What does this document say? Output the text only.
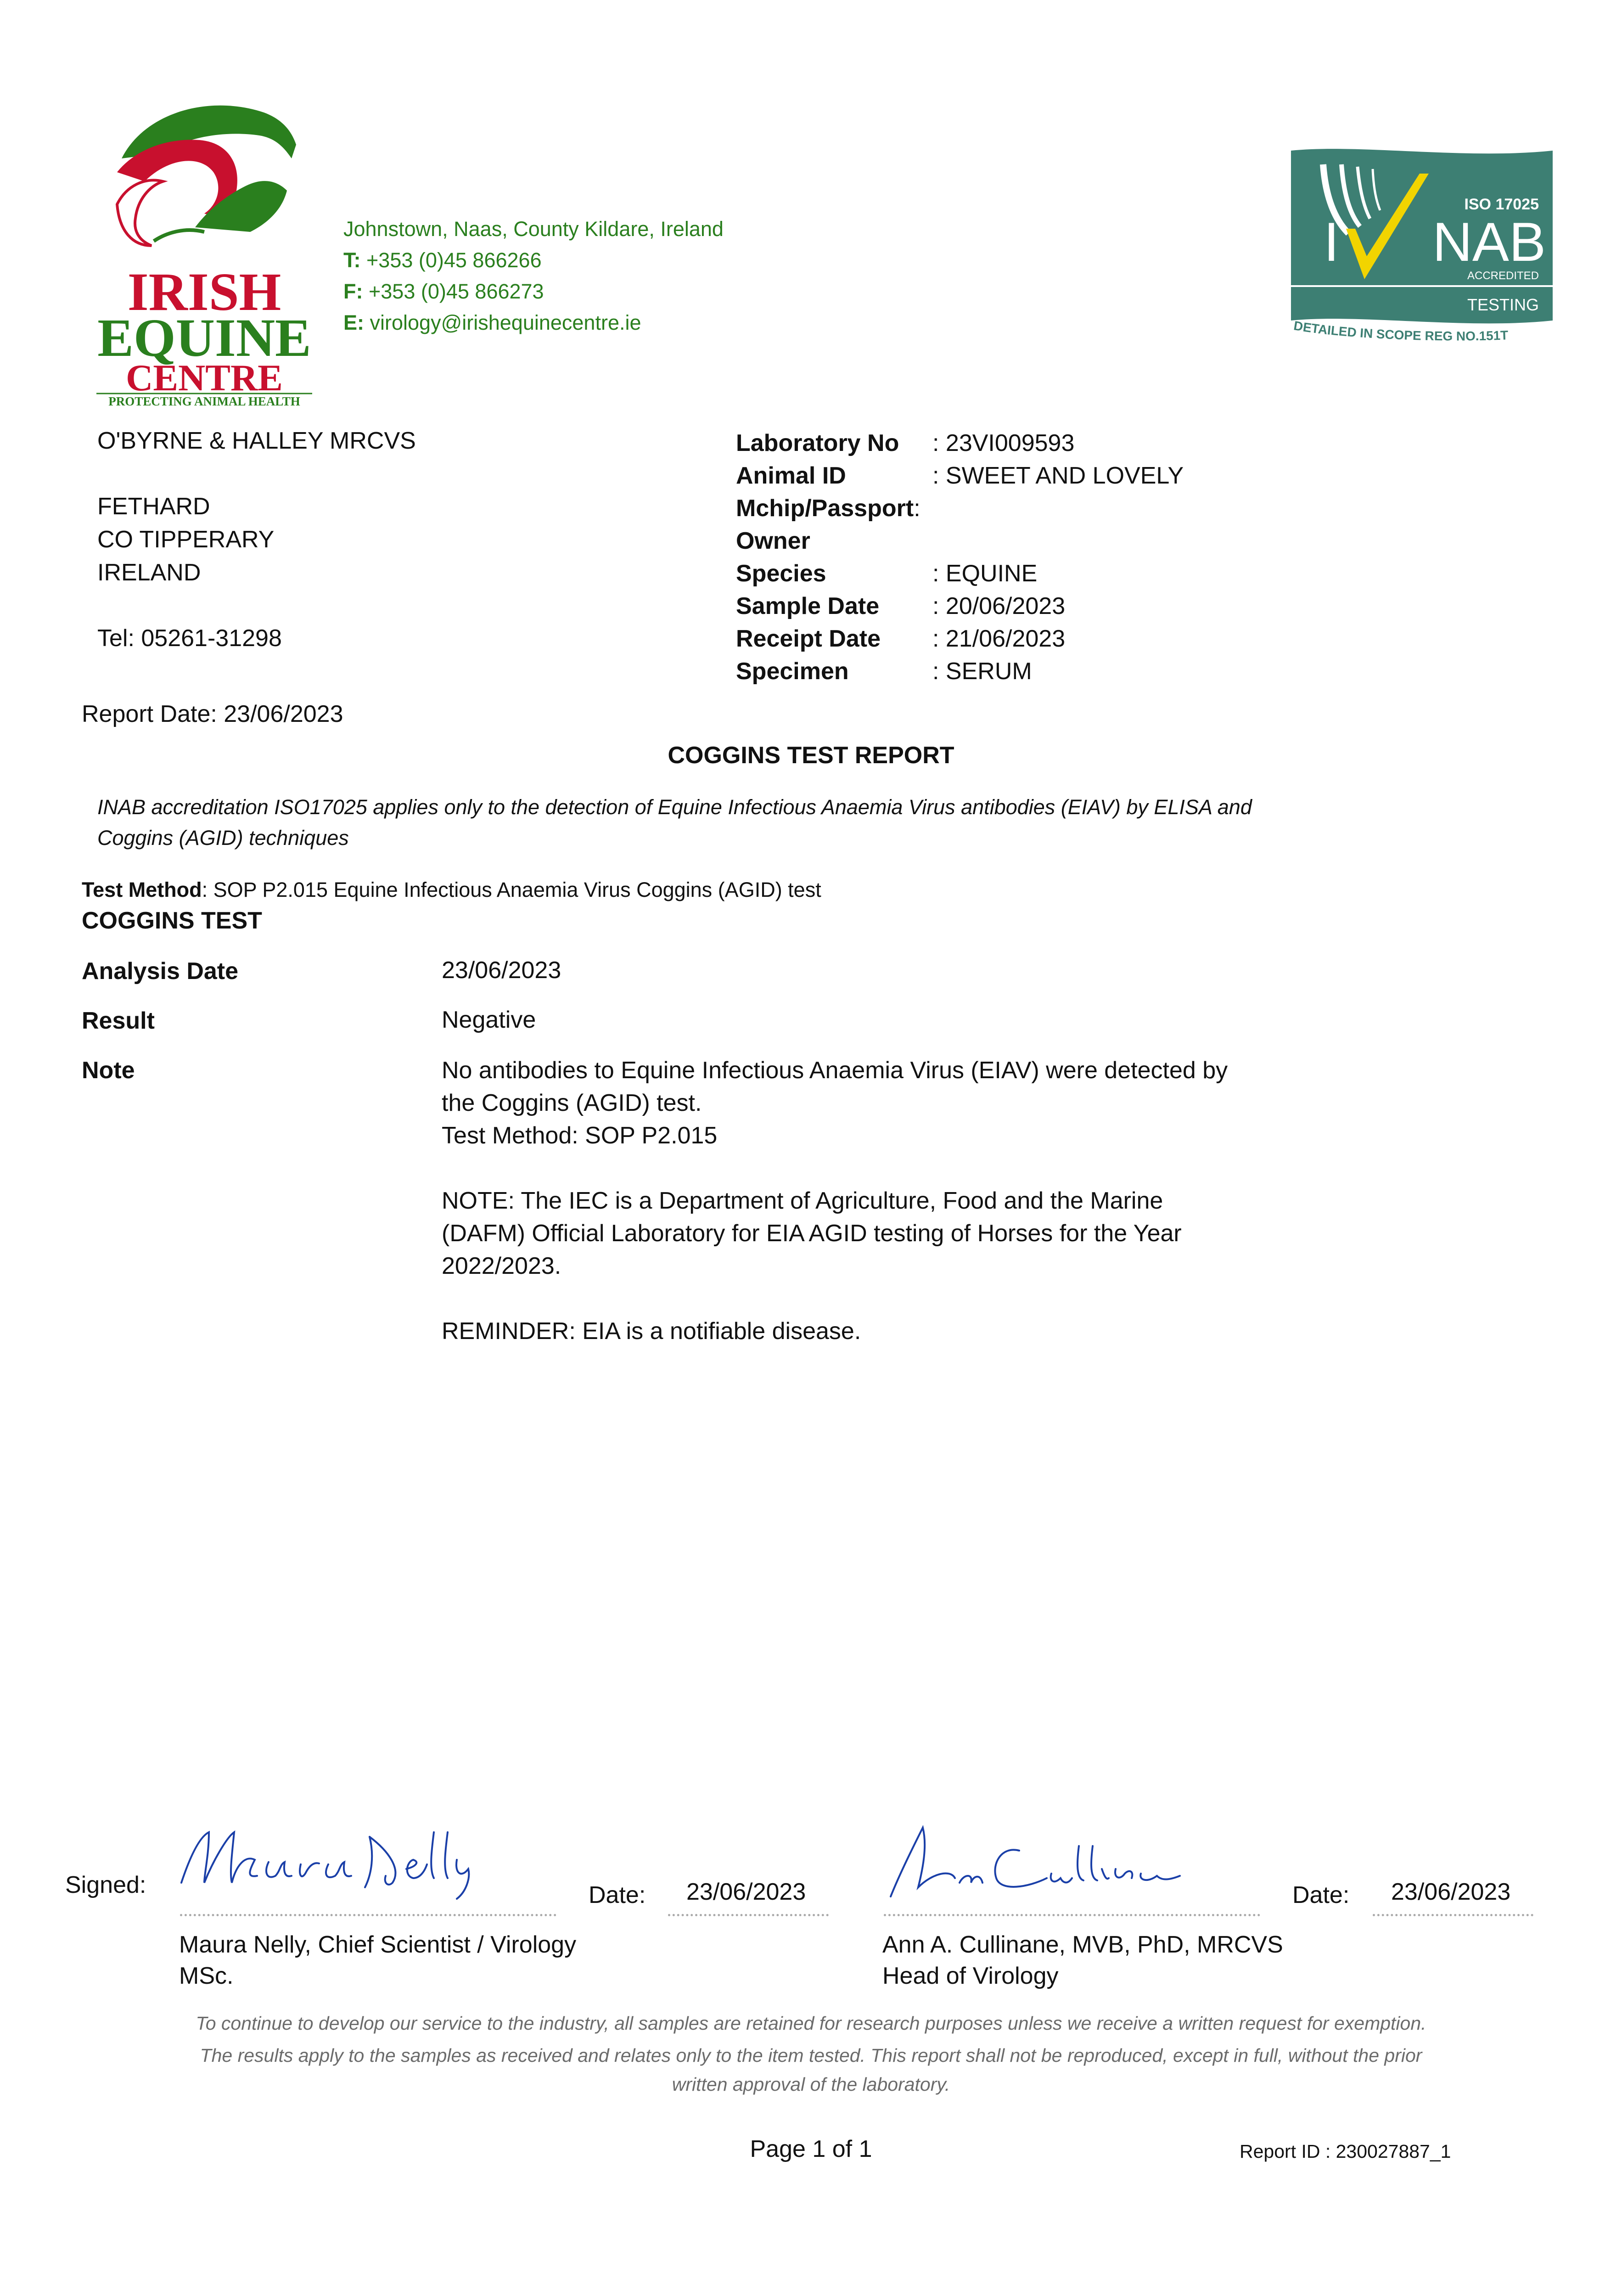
IRISH
EQUINE
CENTRE
PROTECTING ANIMAL HEALTH
Johnstown, Naas, County Kildare, Ireland
T: +353 (0)45 866266
F: +353 (0)45 866273
E: virology@irishequinecentre.ie
ISO 17025
I NAB
ACCREDITED
TESTING
DETAILED IN SCOPE REG NO.151T
O'BYRNE & HALLEY MRCVS
FETHARD
CO TIPPERARY
IRELAND
Tel: 05261-31298
Laboratory No : 23VI009593
Animal ID	: SWEET AND LOVELY
Mchip/Passport:
Owner
Species	: EQUINE
Sample Date : 20/06/2023
Receipt Date : 21/06/2023
Specimen	: SERUM
Report Date: 23/06/2023
COGGINS TEST REPORT
INAB accreditation ISO17025 applies only to the detection of Equine Infectious Anaemia Virus antibodies (EIAV) by ELISA and
Coggins (AGID) techniques
Test Method: SOP P2.015 Equine Infectious Anaemia Virus Coggins (AGID) test
COGGINS TEST
Analysis Date	23/06/2023
Result	Negative
Note	No antibodies to Equine Infectious Anaemia Virus (EIAV) were detected by
the Coggins (AGID) test.
Test Method: SOP P2.015
NOTE: The IEC is a Department of Agriculture, Food and the Marine
(DAFM) Official Laboratory for EIA AGID testing of Horses for the Year
2022/2023.
REMINDER: EIA is a notifiable disease.
Signed:	Date: 23/06/2023
Maura Nelly, Chief Scientist / Virology
MSc.
Date: 23/06/2023
Ann A. Cullinane, MVB, PhD, MRCVS
Head of Virology
To continue to develop our service to the industry, all samples are retained for research purposes unless we receive a written request for exemption.
The results apply to the samples as received and relates only to the item tested. This report shall not be reproduced, except in full, without the prior
written approval of the laboratory.
Page 1 of 1	Report ID : 230027887_1
